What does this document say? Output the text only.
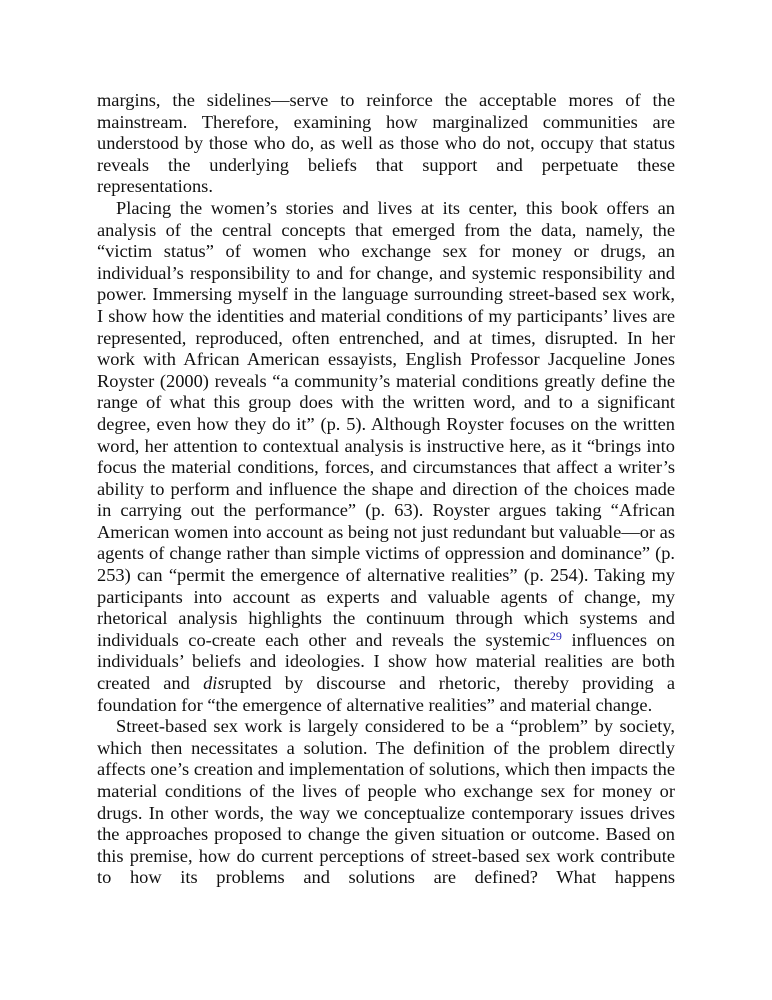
margins, the sidelines—serve to reinforce the acceptable mores of the mainstream. Therefore, examining how marginalized communities are understood by those who do, as well as those who do not, occupy that status reveals the underlying beliefs that support and perpetuate these representations.

Placing the women’s stories and lives at its center, this book offers an analysis of the central concepts that emerged from the data, namely, the “victim status” of women who exchange sex for money or drugs, an individual’s responsibility to and for change, and systemic responsibility and power. Immersing myself in the language surrounding street-based sex work, I show how the identities and material conditions of my participants’ lives are represented, reproduced, often entrenched, and at times, disrupted. In her work with African American essayists, English Professor Jacqueline Jones Royster (2000) reveals “a community’s material conditions greatly define the range of what this group does with the written word, and to a significant degree, even how they do it” (p. 5). Although Royster focuses on the written word, her attention to contextual analysis is instructive here, as it “brings into focus the material conditions, forces, and circumstances that affect a writer’s ability to perform and influence the shape and direction of the choices made in carrying out the performance” (p. 63). Royster argues taking “African American women into account as being not just redundant but valuable—or as agents of change rather than simple victims of oppression and dominance” (p. 253) can “permit the emergence of alternative realities” (p. 254). Taking my participants into account as experts and valuable agents of change, my rhetorical analysis highlights the continuum through which systems and individuals co-create each other and reveals the systemic$^{29}$ influences on individuals’ beliefs and ideologies. I show how material realities are both created and disrupted by discourse and rhetoric, thereby providing a foundation for “the emergence of alternative realities” and material change.

Street-based sex work is largely considered to be a “problem” by society, which then necessitates a solution. The definition of the problem directly affects one’s creation and implementation of solutions, which then impacts the material conditions of the lives of people who exchange sex for money or drugs. In other words, the way we conceptualize contemporary issues drives the approaches proposed to change the given situation or outcome. Based on this premise, how do current perceptions of street-based sex work contribute to how its problems and solutions are defined? What happens
